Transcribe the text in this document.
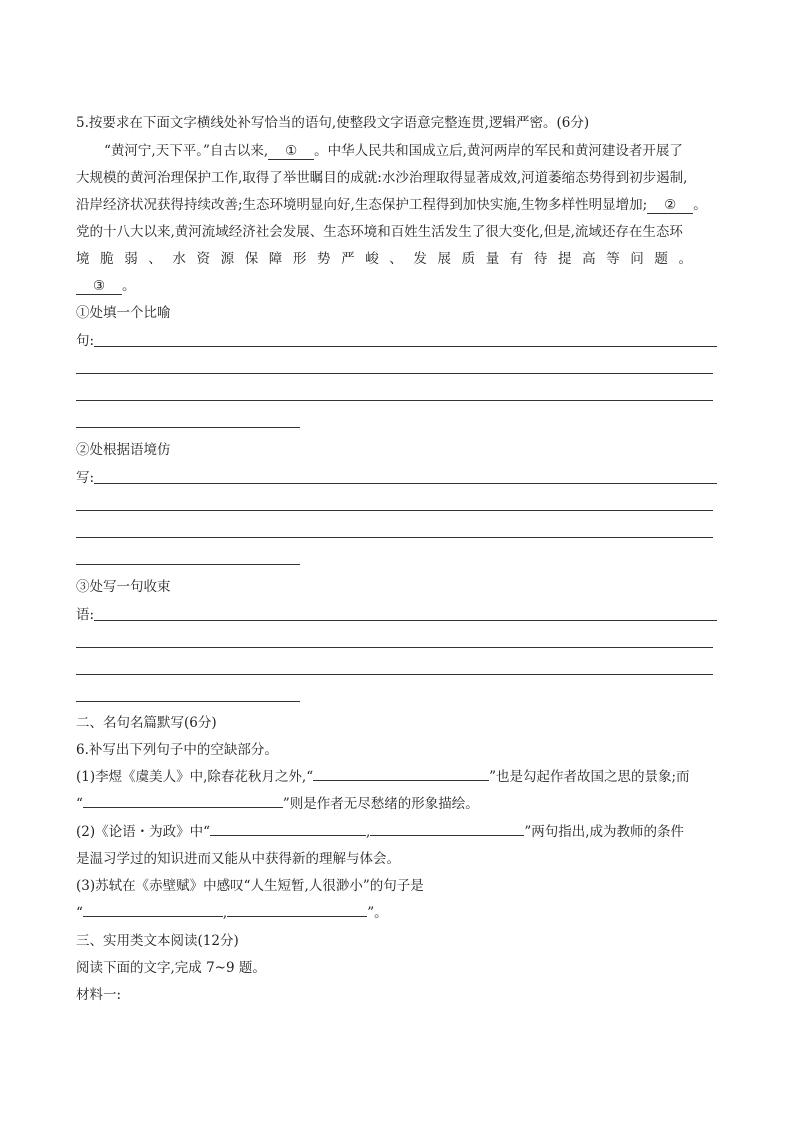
5.按要求在下面文字横线处补写恰当的语句,使整段文字语意完整连贯,逻辑严密。(6分)
“黄河宁,天下平。”自古以来, ① 。中华人民共和国成立后,黄河两岸的军民和黄河建设者开展了
大规模的黄河治理保护工作,取得了举世瞩目的成就:水沙治理取得显著成效,河道萎缩态势得到初步遏制,
沿岸经济状况获得持续改善;生态环境明显向好,生态保护工程得到加快实施,生物多样性明显增加; ② 。
党的十八大以来,黄河流域经济社会发展、生态环境和百姓生活发生了很大变化,但是,流域还存在生态环
境脆弱、水资源保障形势严峻、发展质量有待提高等问题。
③ 。
①处填一个比喻
句:
②处根据语境仿
写:
③处写一句收束
语:
二、名句名篇默写(6分)
6.补写出下列句子中的空缺部分。
(1)李煜《虞美人》中,除春花秋月之外,“	”也是勾起作者故国之思的景象;而
“	”则是作者无尽愁绪的形象描绘。
(2)《论语・为政》中“	,	”两句指出,成为教师的条件
是温习学过的知识进而又能从中获得新的理解与体会。
(3)苏轼在《赤壁赋》中感叹“人生短暂,人很渺小”的句子是
“	,	”。
三、实用类文本阅读(12分)
阅读下面的文字,完成 7~9 题。
材料一:
